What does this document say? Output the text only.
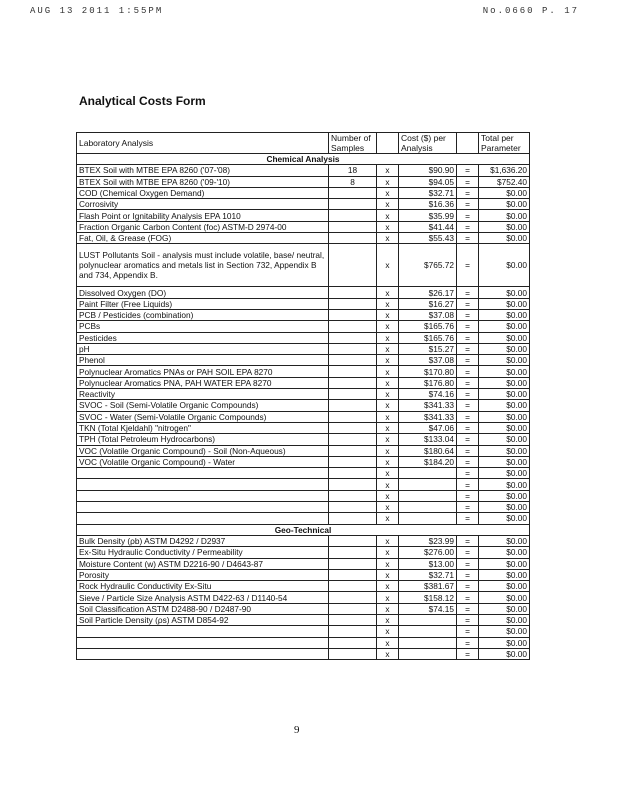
AUG 13 2011 1:55PM	No.0660 P. 17
Analytical Costs Form
Laboratory Analysis	Number of Samples		Cost ($) per Analysis		Total per Parameter
Chemical Analysis					
BTEX Soil with MTBE EPA 8260 ('07-'08)	18	x	$90.90	=	$1,636.20
BTEX Soil with MTBE EPA 8260 ('09-'10)	8	x	$94.05	=	$752.40
COD (Chemical Oxygen Demand)		x	$32.71	=	$0.00
Corrosivity		x	$16.36	=	$0.00
Flash Point or Ignitability Analysis EPA 1010		x	$35.99	=	$0.00
Fraction Organic Carbon Content (foc) ASTM-D 2974-00		x	$41.44	=	$0.00
Fat, Oil, & Grease (FOG)		x	$55.43	=	$0.00
LUST Pollutants Soil - analysis must include volatile, base/ neutral, polynuclear aromatics and metals list in Section 732, Appendix B and 734, Appendix B.		x	$765.72	=	$0.00
Dissolved Oxygen (DO)		x	$26.17	=	$0.00
Paint Filter (Free Liquids)		x	$16.27	=	$0.00
PCB / Pesticides (combination)		x	$37.08	=	$0.00
PCBs		x	$165.76	=	$0.00
Pesticides		x	$165.76	=	$0.00
pH		x	$15.27	=	$0.00
Phenol		x	$37.08	=	$0.00
Polynuclear Aromatics PNAs or PAH SOIL EPA 8270		x	$170.80	=	$0.00
Polynuclear Aromatics PNA, PAH WATER EPA 8270		x	$176.80	=	$0.00
Reactivity		x	$74.16	=	$0.00
SVOC - Soil (Semi-Volatile Organic Compounds)		x	$341.33	=	$0.00
SVOC - Water (Semi-Volatile Organic Compounds)		x	$341.33	=	$0.00
TKN (Total Kjeldahl) "nitrogen"		x	$47.06	=	$0.00
TPH (Total Petroleum Hydrocarbons)		x	$133.04	=	$0.00
VOC (Volatile Organic Compound) - Soil (Non-Aqueous)		x	$180.64	=	$0.00
VOC (Volatile Organic Compound) - Water		x	$184.20	=	$0.00
		x		=	$0.00
		x		=	$0.00
		x		=	$0.00
		x		=	$0.00
		x		=	$0.00
Geo-Technical					
Bulk Density (ρb) ASTM D4292 / D2937		x	$23.99	=	$0.00
Ex-Situ Hydraulic Conductivity / Permeability		x	$276.00	=	$0.00
Moisture Content (w) ASTM D2216-90 / D4643-87		x	$13.00	=	$0.00
Porosity		x	$32.71	=	$0.00
Rock Hydraulic Conductivity Ex-Situ		x	$381.67	=	$0.00
Sieve / Particle Size Analysis ASTM D422-63 / D1140-54		x	$158.12	=	$0.00
Soil Classification ASTM D2488-90 / D2487-90		x	$74.15	=	$0.00
Soil Particle Density (ρs) ASTM D854-92		x		=	$0.00
		x		=	$0.00
		x		=	$0.00
		x		=	$0.00
9
